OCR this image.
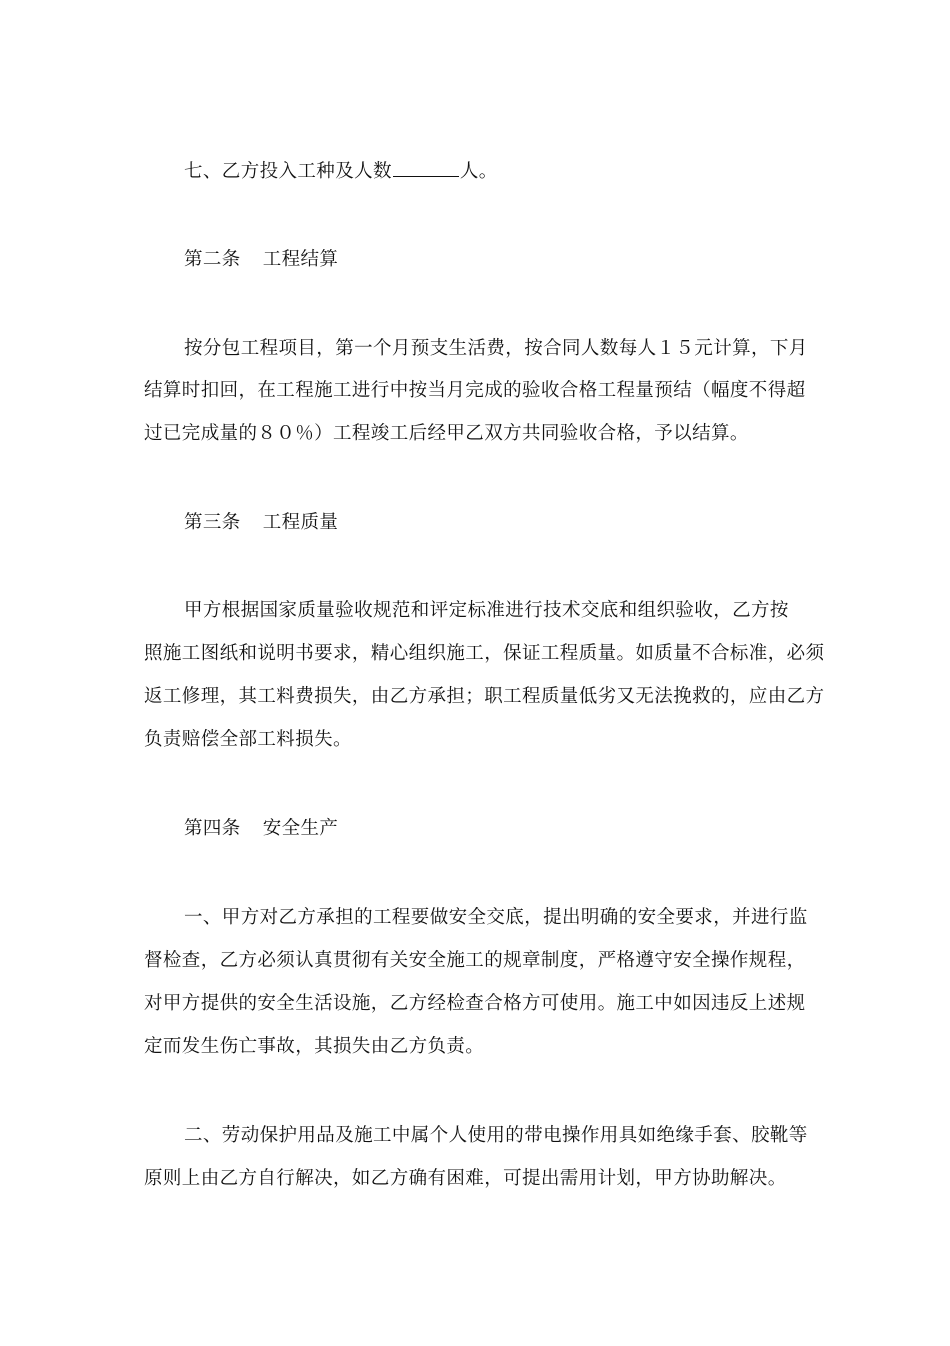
七、乙方投入工种及人数	人。
第二条 工程结算
按分包工程项目，第一个月预支生活费，按合同人数每人１５元计算，下月
结算时扣回，在工程施工进行中按当月完成的验收合格工程量预结（幅度不得超
过已完成量的８０％）工程竣工后经甲乙双方共同验收合格，予以结算。
第三条 工程质量
甲方根据国家质量验收规范和评定标准进行技术交底和组织验收，乙方按
照施工图纸和说明书要求，精心组织施工，保证工程质量。如质量不合标准，必须
返工修理，其工料费损失，由乙方承担；职工程质量低劣又无法挽救的，应由乙方
负责赔偿全部工料损失。
第四条 安全生产
一、甲方对乙方承担的工程要做安全交底，提出明确的安全要求，并进行监
督检查，乙方必须认真贯彻有关安全施工的规章制度，严格遵守安全操作规程，
对甲方提供的安全生活设施，乙方经检查合格方可使用。施工中如因违反上述规
定而发生伤亡事故，其损失由乙方负责。
二、劳动保护用品及施工中属个人使用的带电操作用具如绝缘手套、胶靴等
原则上由乙方自行解决，如乙方确有困难，可提出需用计划，甲方协助解决。
